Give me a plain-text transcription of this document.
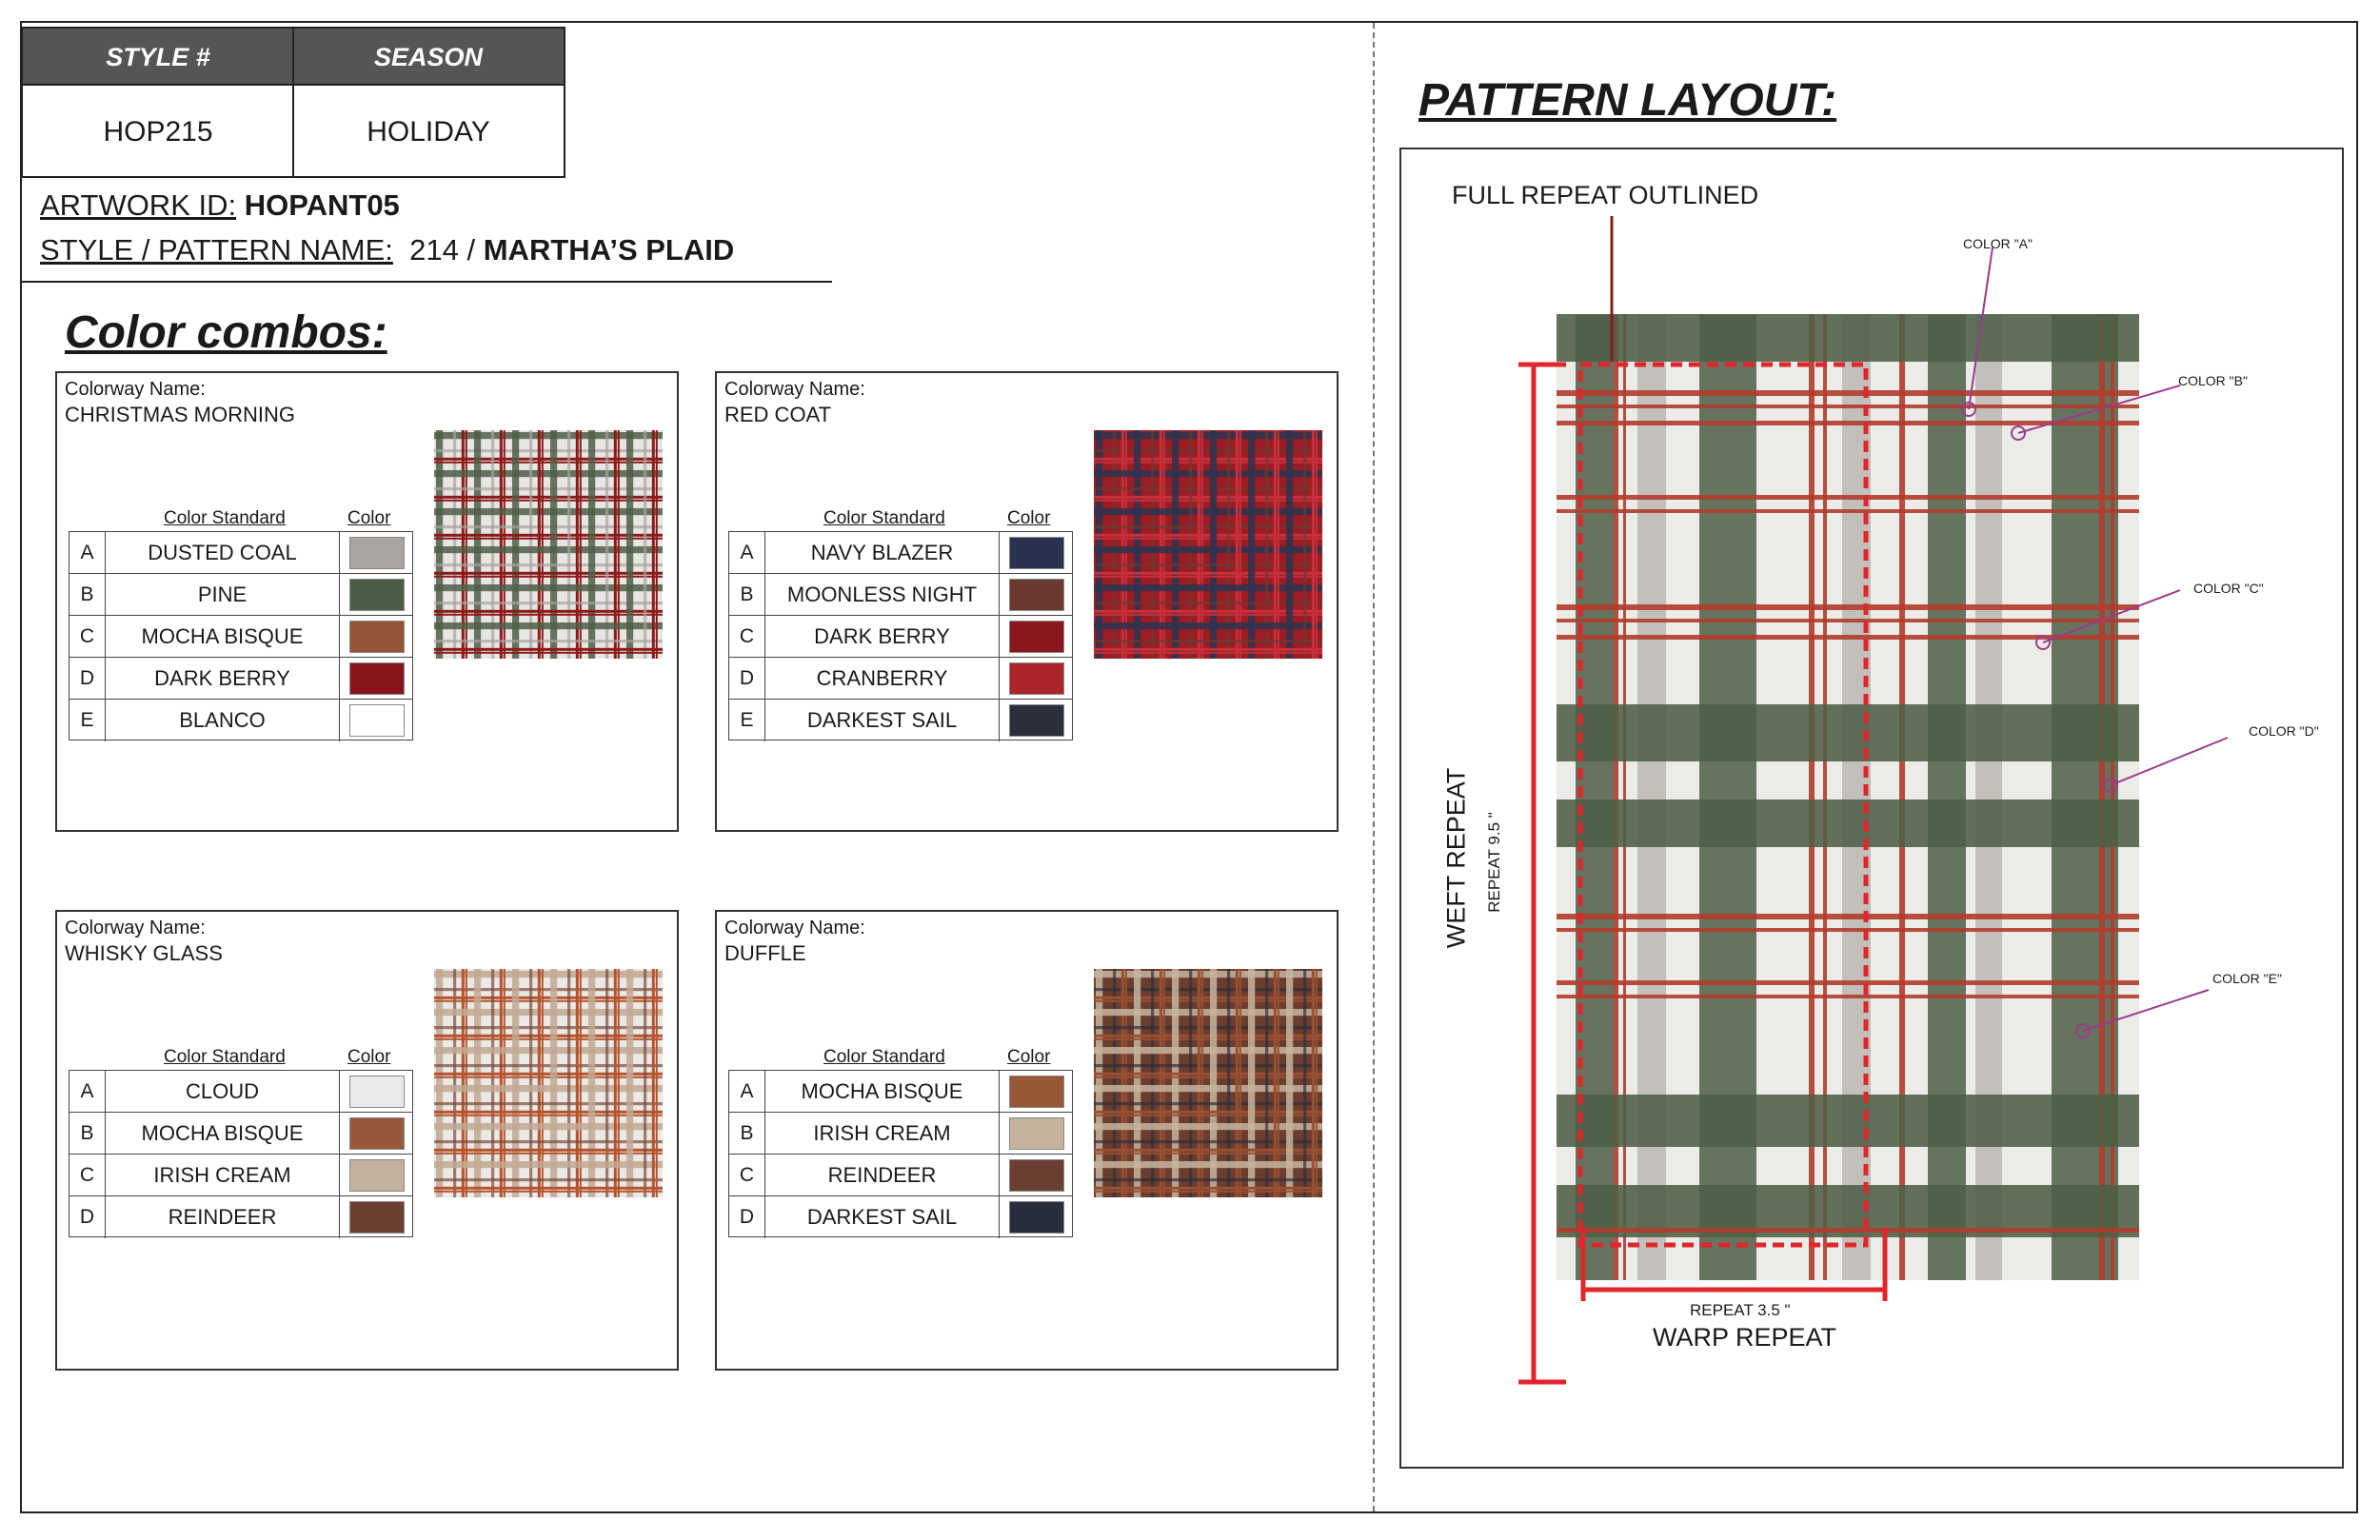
STYLE #	SEASON
HOP215	HOLIDAY
ARTWORK ID: HOPANT05
STYLE / PATTERN NAME: 214 / MARTHA’S PLAID
Color combos:
PATTERN LAYOUT:
Colorway Name:
CHRISTMAS MORNING
Color Standard	Color
A	DUSTED COAL
B	PINE
C	MOCHA BISQUE
D	DARK BERRY
E	BLANCO
Colorway Name:
RED COAT
Color Standard	Color
A	NAVY BLAZER
B	MOONLESS NIGHT
C	DARK BERRY
D	CRANBERRY
E	DARKEST SAIL
Colorway Name:
WHISKY GLASS
Color Standard	Color
A	CLOUD
B	MOCHA BISQUE
C	IRISH CREAM
D	REINDEER
Colorway Name:
DUFFLE
Color Standard	Color
A	MOCHA BISQUE
B	IRISH CREAM
C	REINDEER
D	DARKEST SAIL
FULL REPEAT OUTLINED
COLOR "A"
COLOR "B"
COLOR "C"
COLOR "D"
COLOR "E"
WEFT REPEAT REPEAT 9.5 "
REPEAT 3.5 "
WARP REPEAT
